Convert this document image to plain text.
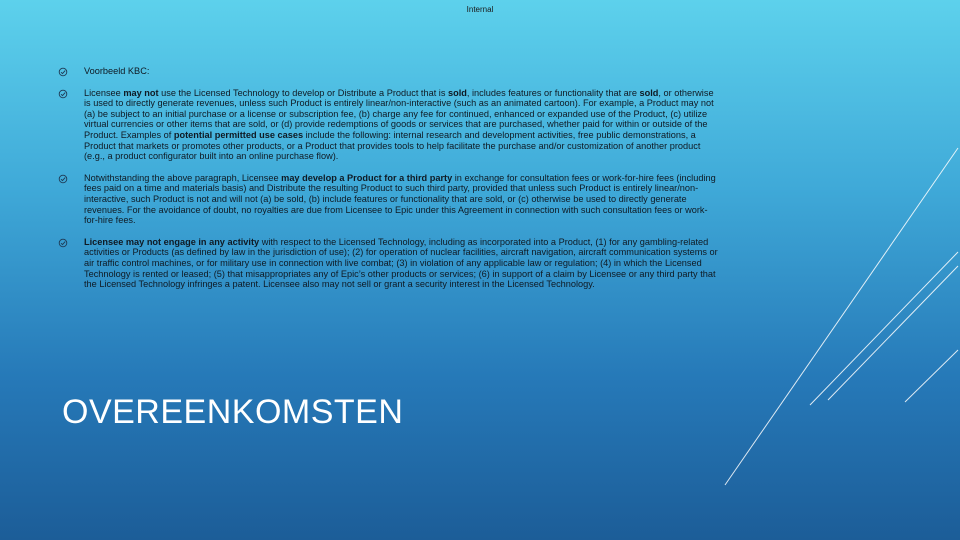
Internal
Voorbeeld KBC:
Licensee may not use the Licensed Technology to develop or Distribute a Product that is sold, includes features or functionality that are sold, or otherwise is used to directly generate revenues, unless such Product is entirely linear/non-interactive (such as an animated cartoon). For example, a Product may not (a) be subject to an initial purchase or a license or subscription fee, (b) charge any fee for continued, enhanced or expanded use of the Product, (c) utilize virtual currencies or other items that are sold, or (d) provide redemptions of goods or services that are purchased, whether paid for within or outside of the Product. Examples of potential permitted use cases include the following: internal research and development activities, free public demonstrations, a Product that markets or promotes other products, or a Product that provides tools to help facilitate the purchase and/or customization of another product (e.g., a product configurator built into an online purchase flow).
Notwithstanding the above paragraph, Licensee may develop a Product for a third party in exchange for consultation fees or work-for-hire fees (including fees paid on a time and materials basis) and Distribute the resulting Product to such third party, provided that unless such Product is entirely linear/non-interactive, such Product is not and will not (a) be sold, (b) include features or functionality that are sold, or (c) otherwise be used to directly generate revenues. For the avoidance of doubt, no royalties are due from Licensee to Epic under this Agreement in connection with such consultation fees or work-for-hire fees.
Licensee may not engage in any activity with respect to the Licensed Technology, including as incorporated into a Product, (1) for any gambling-related activities or Products (as defined by law in the jurisdiction of use); (2) for operation of nuclear facilities, aircraft navigation, aircraft communication systems or air traffic control machines, or for military use in connection with live combat; (3) in violation of any applicable law or regulation; (4) in which the Licensed Technology is rented or leased; (5) that misappropriates any of Epic’s other products or services; (6) in support of a claim by Licensee or any third party that the Licensed Technology infringes a patent. Licensee also may not sell or grant a security interest in the Licensed Technology.
OVEREENKOMSTEN
